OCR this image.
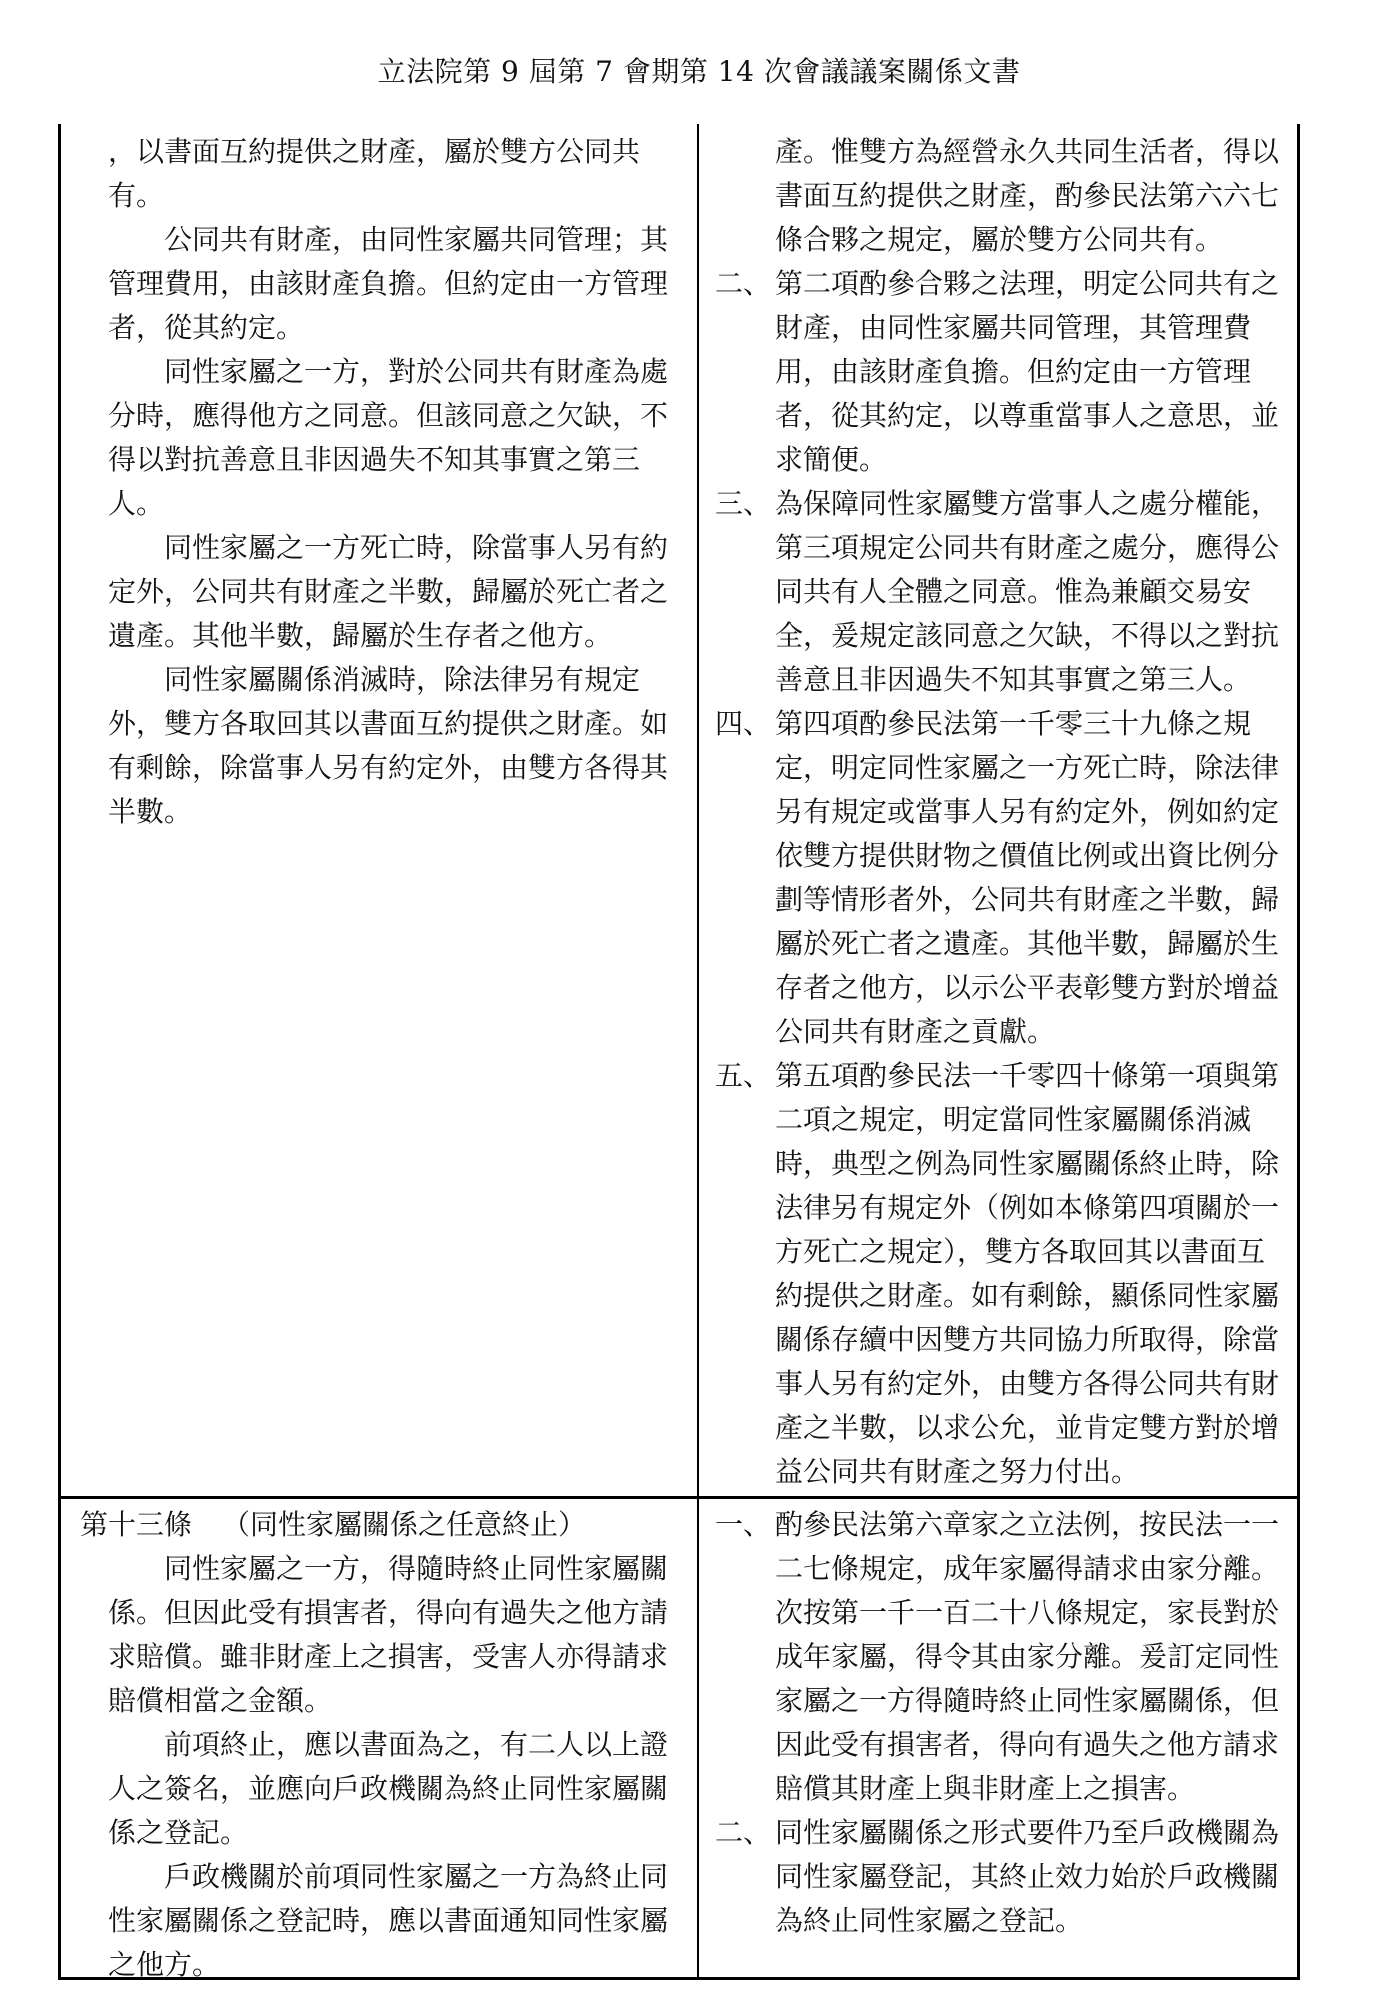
立法院第 9 屆第 7 會期第 14 次會議議案關係文書

，以書面互約提供之財產，屬於雙方公同共有。

公同共有財產，由同性家屬共同管理；其管理費用，由該財產負擔。但約定由一方管理者，從其約定。

同性家屬之一方，對於公同共有財產為處分時，應得他方之同意。但該同意之欠缺，不得以對抗善意且非因過失不知其事實之第三人。

同性家屬之一方死亡時，除當事人另有約定外，公同共有財產之半數，歸屬於死亡者之遺產。其他半數，歸屬於生存者之他方。

同性家屬關係消滅時，除法律另有規定外，雙方各取回其以書面互約提供之財產。如有剩餘，除當事人另有約定外，由雙方各得其半數。

產。惟雙方為經營永久共同生活者，得以書面互約提供之財產，酌參民法第六六七條合夥之規定，屬於雙方公同共有。

二、 第二項酌參合夥之法理，明定公同共有之財產，由同性家屬共同管理，其管理費用，由該財產負擔。但約定由一方管理者，從其約定，以尊重當事人之意思，並求簡便。
三、 為保障同性家屬雙方當事人之處分權能，第三項規定公同共有財產之處分，應得公同共有人全體之同意。惟為兼顧交易安全，爰規定該同意之欠缺，不得以之對抗善意且非因過失不知其事實之第三人。
四、 第四項酌參民法第一千零三十九條之規定，明定同性家屬之一方死亡時，除法律另有規定或當事人另有約定外，例如約定依雙方提供財物之價值比例或出資比例分劃等情形者外，公同共有財產之半數，歸屬於死亡者之遺產。其他半數，歸屬於生存者之他方，以示公平表彰雙方對於增益公同共有財產之貢獻。
五、 第五項酌參民法一千零四十條第一項與第二項之規定，明定當同性家屬關係消滅時，典型之例為同性家屬關係終止時，除法律另有規定外（例如本條第四項關於一方死亡之規定），雙方各取回其以書面互約提供之財產。如有剩餘，顯係同性家屬關係存續中因雙方共同協力所取得，除當事人另有約定外，由雙方各得公同共有財產之半數，以求公允，並肯定雙方對於增益公同共有財產之努力付出。

第十三條 （同性家屬關係之任意終止）

同性家屬之一方，得隨時終止同性家屬關係。但因此受有損害者，得向有過失之他方請求賠償。雖非財產上之損害，受害人亦得請求賠償相當之金額。

前項終止，應以書面為之，有二人以上證人之簽名，並應向戶政機關為終止同性家屬關係之登記。

戶政機關於前項同性家屬之一方為終止同性家屬關係之登記時，應以書面通知同性家屬之他方。

一、 酌參民法第六章家之立法例，按民法一一二七條規定，成年家屬得請求由家分離。次按第一千一百二十八條規定，家長對於成年家屬，得令其由家分離。爰訂定同性家屬之一方得隨時終止同性家屬關係，但因此受有損害者，得向有過失之他方請求賠償其財產上與非財產上之損害。
二、 同性家屬關係之形式要件乃至戶政機關為同性家屬登記，其終止效力始於戶政機關為終止同性家屬之登記。
